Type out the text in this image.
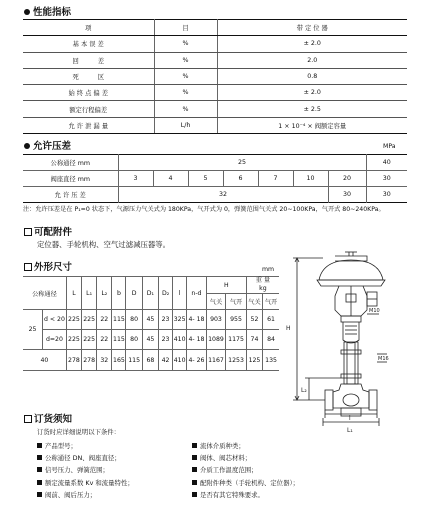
性能指标
项	目	带 定 位 器
基 本 误 差	%	± 2.0
回　　　差	%	2.0
死　　　区	%	0.8
始 终 点 偏 差	%	± 2.0
额定行程偏差	%	± 2.5
允 许 泄 漏 量	L/h	1 × 10⁻⁴ × 阀额定容量
允许压差	MPa
公称通径 mm	25							40
阀座直径 mm	3	4	5	6	7	10	20	30
允 许 压 差	32						30	30
注：允许压差是在 P₁=0 状态下，气源压力气关式为 180KPa，气开式为 0，弹簧范围气关式 20∼100KPa，气开式 80∼240KPa。
可配附件
定位器、手轮机构、空气过滤减压器等。
外形尺寸	mm
公称通径		L	L₁	L₂	b	D	D₁	D₂	l	n-d	H		重 量
kg	

											气关	气开	气关	气开
25	d < 20	225	225	22	115	80	45	23	325	4- 18	903	955	52	61
	d=20	225	225	22	115	80	45	23	410	4- 18	1089	1175	74	84
40		278	278	32	165	115	68	42	410	4- 26	1167	1253	125	135
H
L₂
l
L₁
M10
M16
订货须知
订货时应详细说明以下条件：
产品型号；
公称通径 DN、阀座直径；
信号压力、弹簧范围；
额定流量系数 Kv 和流量特性；
阀前、阀后压力；
流体介质种类；
阀体、阀芯材料；
介质工作温度范围；
配附件种类（手轮机构、定位器）；
是否有其它特殊要求。
